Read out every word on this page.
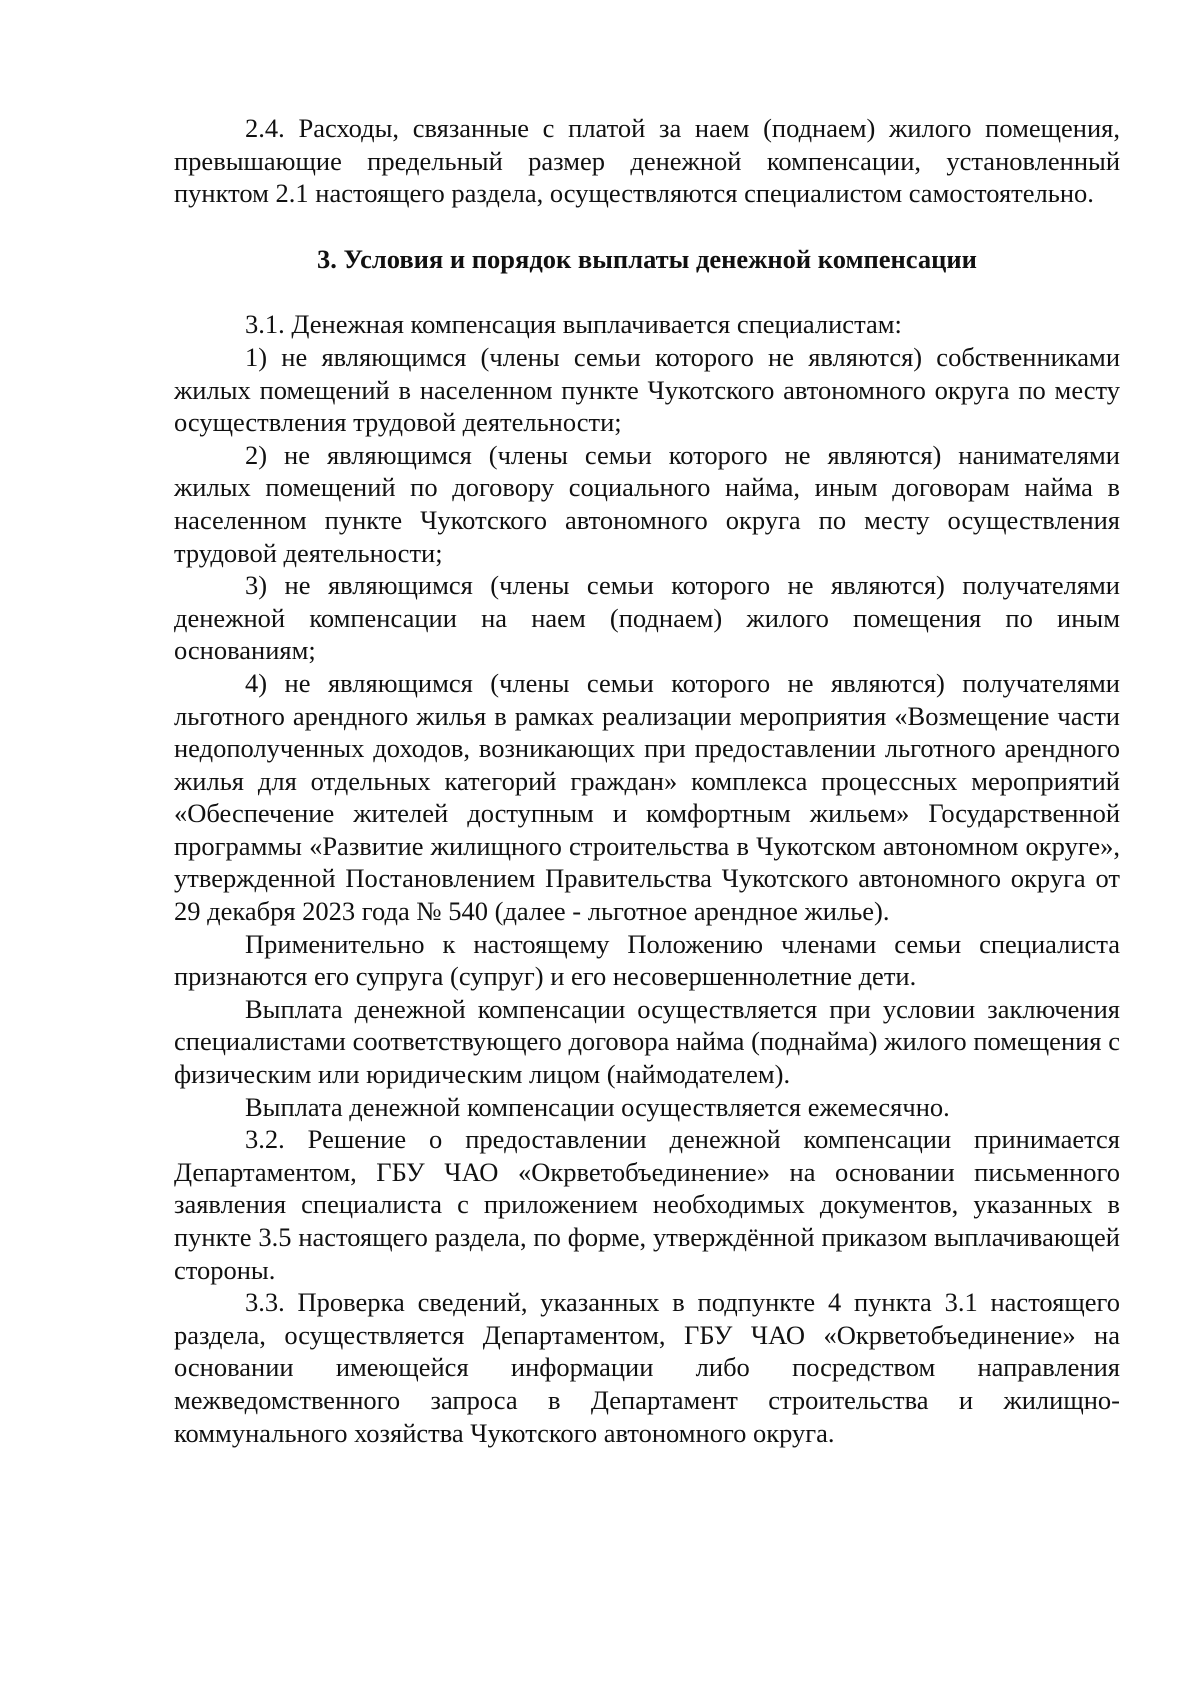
2.4. Расходы, связанные с платой за наем (поднаем) жилого помещения, превышающие предельный размер денежной компенсации, установленный пунктом 2.1 настоящего раздела, осуществляются специалистом самостоятельно.

3. Условия и порядок выплаты денежной компенсации

3.1. Денежная компенсация выплачивается специалистам:

1) не являющимся (члены семьи которого не являются) собственниками жилых помещений в населенном пункте Чукотского автономного округа по месту осуществления трудовой деятельности;

2) не являющимся (члены семьи которого не являются) нанимателями жилых помещений по договору социального найма, иным договорам найма в населенном пункте Чукотского автономного округа по месту осуществления трудовой деятельности;

3) не являющимся (члены семьи которого не являются) получателями денежной компенсации на наем (поднаем) жилого помещения по иным основаниям;

4) не являющимся (члены семьи которого не являются) получателями льготного арендного жилья в рамках реализации мероприятия «Возмещение части недополученных доходов, возникающих при предоставлении льготного арендного жилья для отдельных категорий граждан» комплекса процессных мероприятий «Обеспечение жителей доступным и комфортным жильем» Государственной программы «Развитие жилищного строительства в Чукотском автономном округе», утвержденной Постановлением Правительства Чукотского автономного округа от 29 декабря 2023 года № 540 (далее - льготное арендное жилье).

Применительно к настоящему Положению членами семьи специалиста признаются его супруга (супруг) и его несовершеннолетние дети.

Выплата денежной компенсации осуществляется при условии заключения специалистами соответствующего договора найма (поднайма) жилого помещения с физическим или юридическим лицом (наймодателем).

Выплата денежной компенсации осуществляется ежемесячно.

3.2. Решение о предоставлении денежной компенсации принимается Департаментом, ГБУ ЧАО «Окрветобъединение» на основании письменного заявления специалиста с приложением необходимых документов, указанных в пункте 3.5 настоящего раздела, по форме, утверждённой приказом выплачивающей стороны.

3.3. Проверка сведений, указанных в подпункте 4 пункта 3.1 настоящего раздела, осуществляется Департаментом, ГБУ ЧАО «Окрветобъединение» на основании имеющейся информации либо посредством направления межведомственного запроса в Департамент строительства и жилищно-коммунального хозяйства Чукотского автономного округа.
